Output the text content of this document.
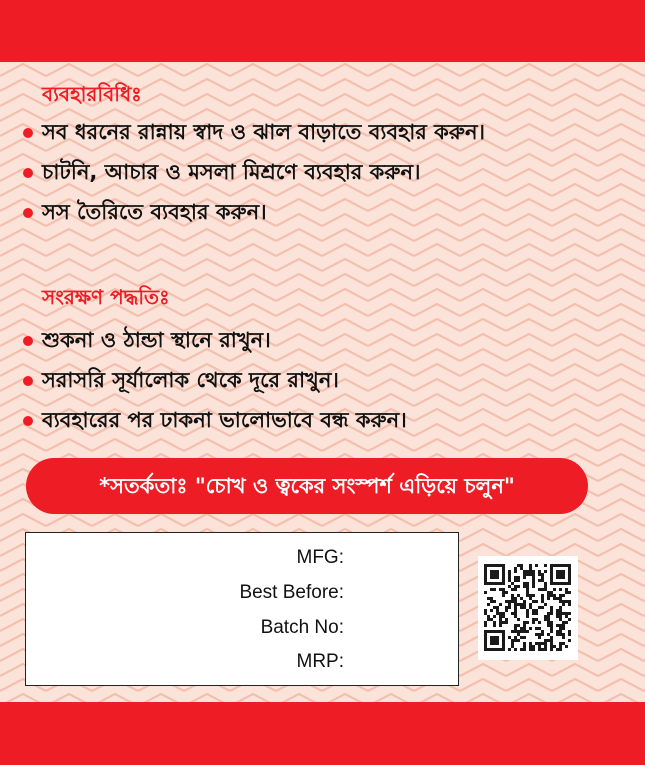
ব্যবহারবিধিঃ
সব ধরনের রান্নায় স্বাদ ও ঝাল বাড়াতে ব্যবহার করুন।
চাটনি, আচার ও মসলা মিশ্রণে ব্যবহার করুন।
সস তৈরিতে ব্যবহার করুন।
সংরক্ষণ পদ্ধতিঃ
শুকনা ও ঠান্ডা স্থানে রাখুন।
সরাসরি সূর্যালোক থেকে দূরে রাখুন।
ব্যবহারের পর ঢাকনা ভালোভাবে বন্ধ করুন।
*সতর্কতাঃ "চোখ ও ত্বকের সংস্পর্শ এড়িয়ে চলুন"
MFG:
Best Before:
Batch No:
MRP:
